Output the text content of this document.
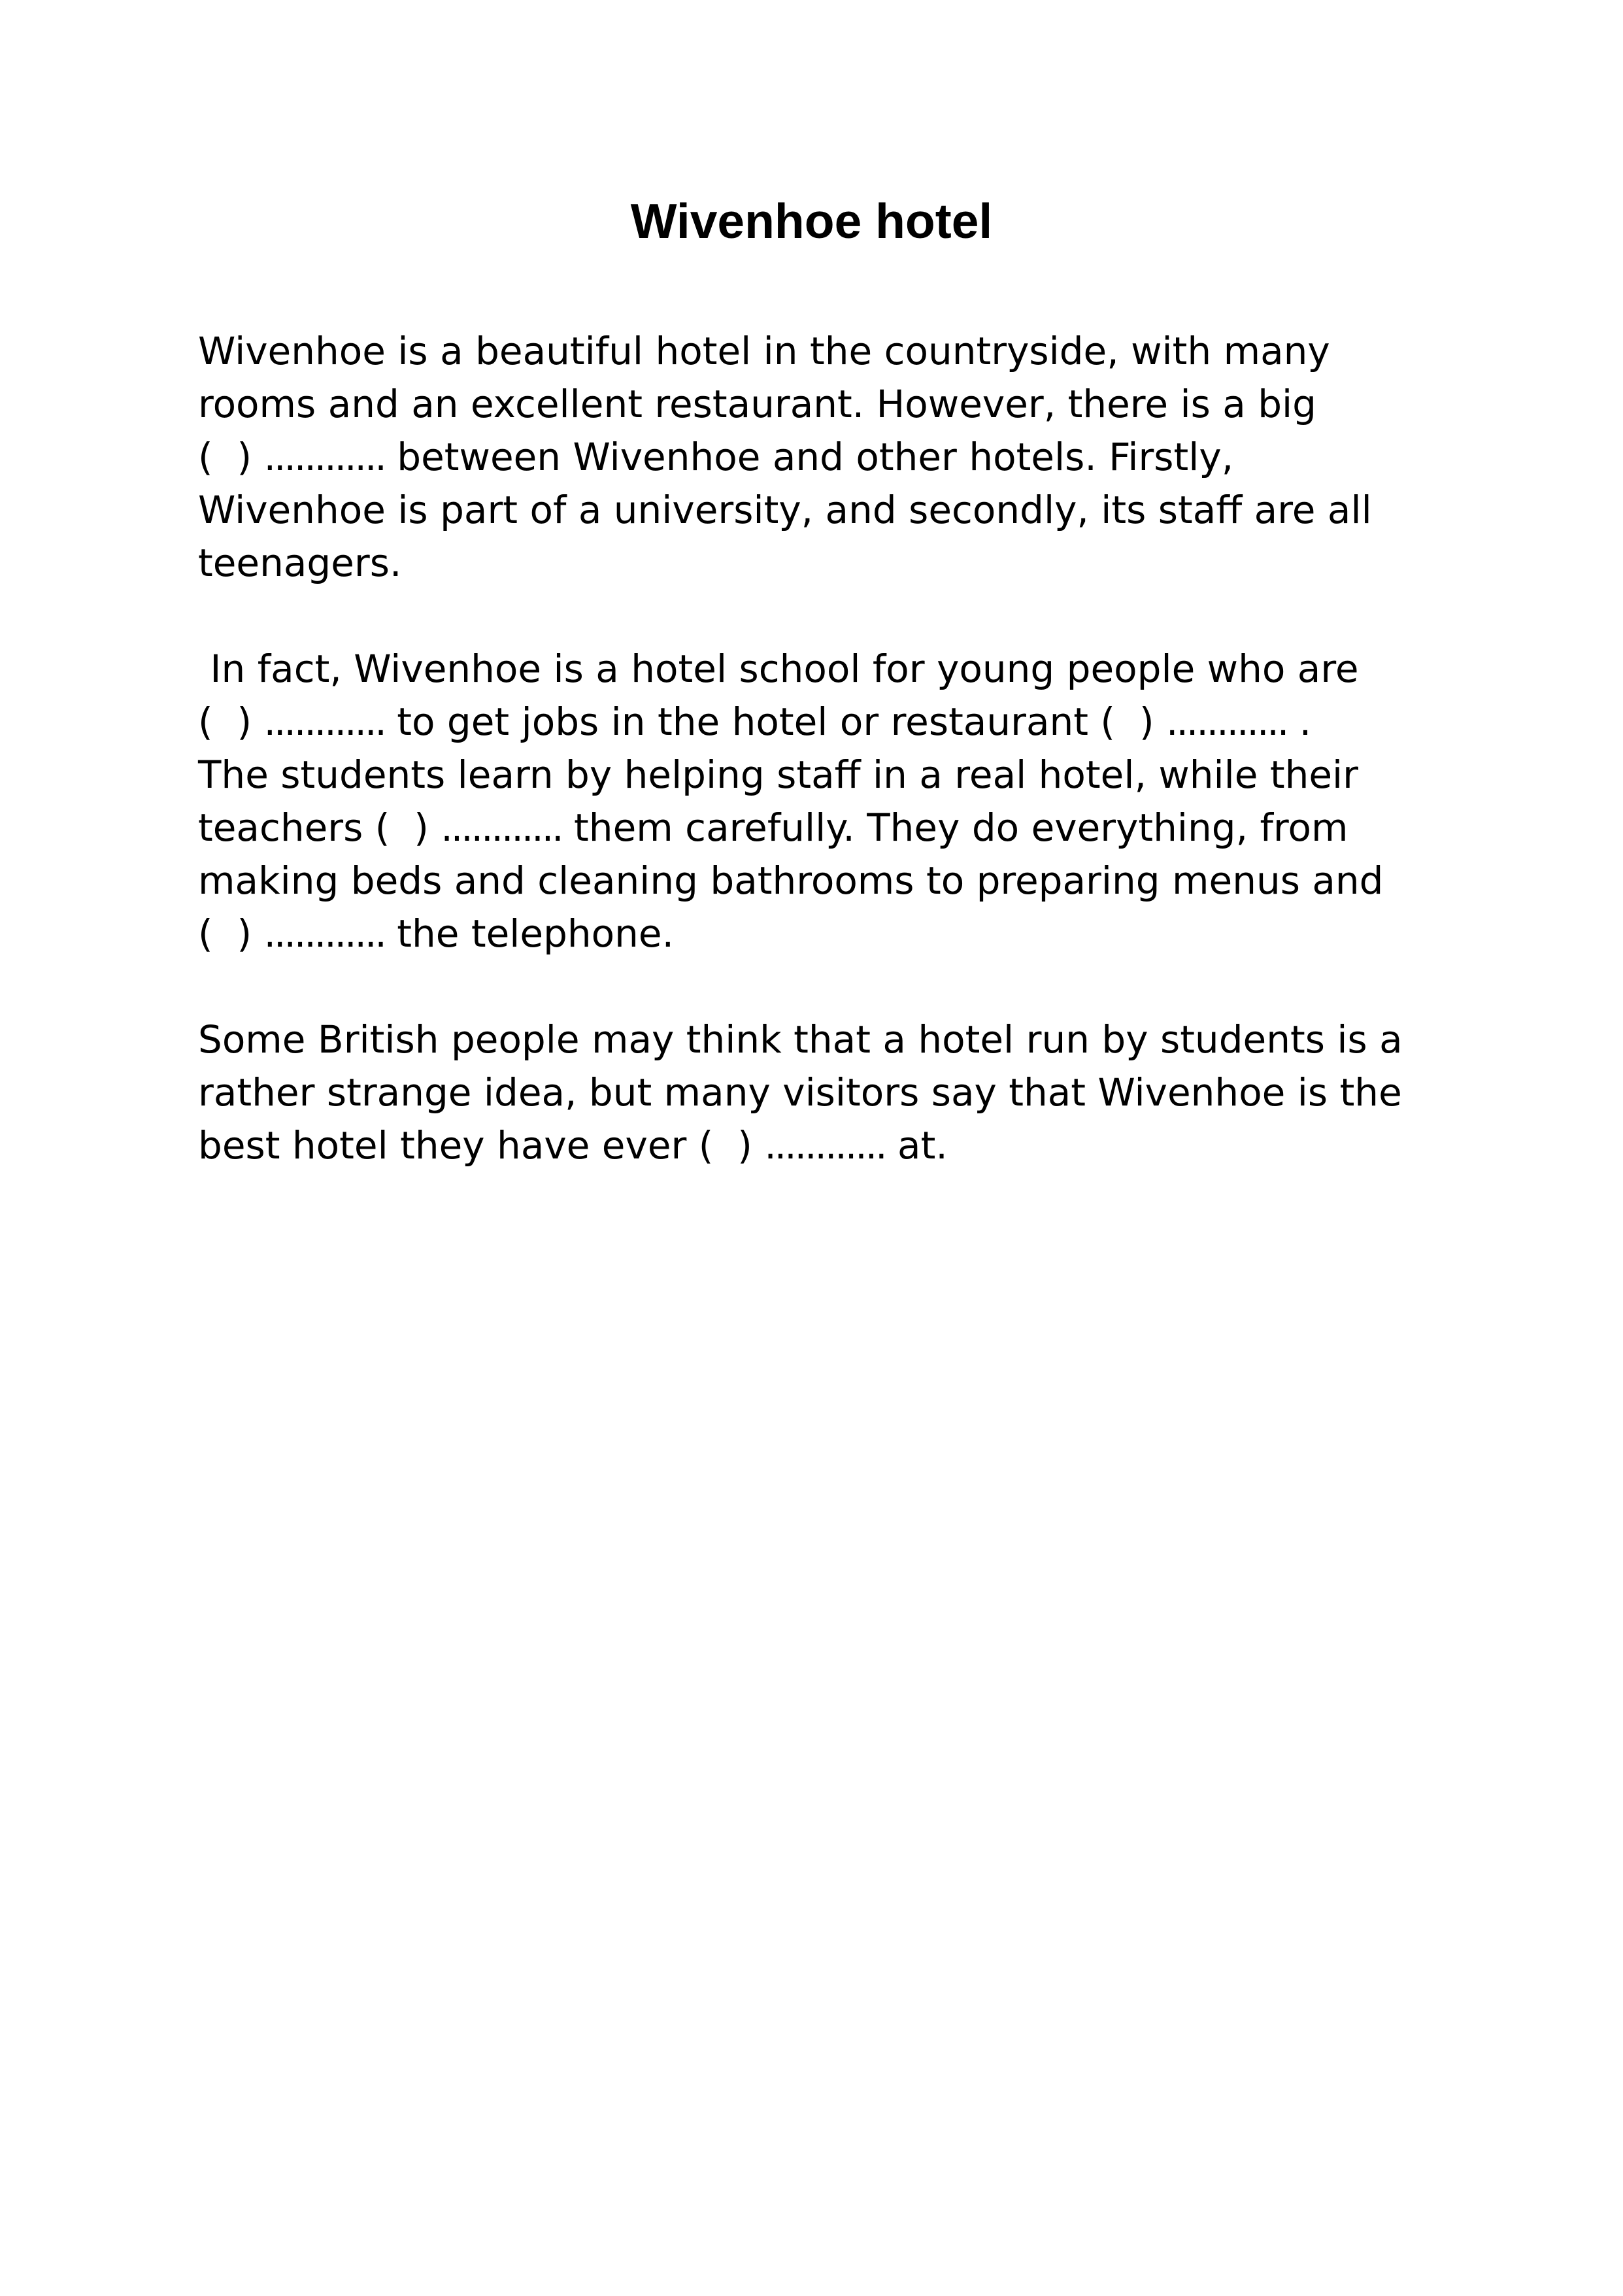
Wivenhoe hotel
Wivenhoe is a beautiful hotel in the countryside, with many
rooms and an excellent restaurant. However, there is a big
(  ) ............ between Wivenhoe and other hotels. Firstly,
Wivenhoe is part of a university, and secondly, its staff are all
teenagers.
In fact, Wivenhoe is a hotel school for young people who are
(  ) ............ to get jobs in the hotel or restaurant (  ) ............ .
The students learn by helping staff in a real hotel, while their
teachers (  ) ............ them carefully. They do everything, from
making beds and cleaning bathrooms to preparing menus and
(  ) ............ the telephone.
Some British people may think that a hotel run by students is a
rather strange idea, but many visitors say that Wivenhoe is the
best hotel they have ever (  ) ............ at.
